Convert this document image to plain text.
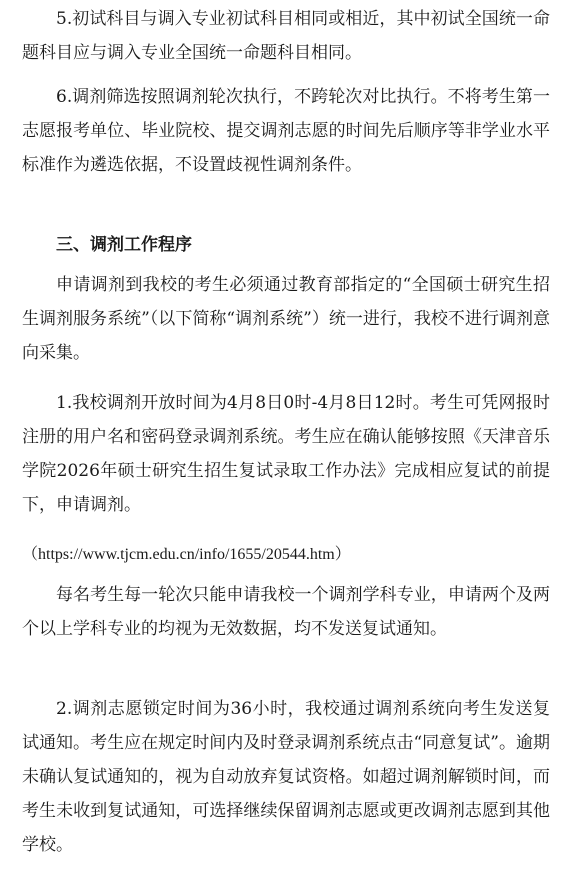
5.初试科目与调入专业初试科目相同或相近，其中初试全国统一命题科目应与调入专业全国统一命题科目相同。

6.调剂筛选按照调剂轮次执行，不跨轮次对比执行。不将考生第一志愿报考单位、毕业院校、提交调剂志愿的时间先后顺序等非学业水平标准作为遴选依据，不设置歧视性调剂条件。

三、调剂工作程序

申请调剂到我校的考生必须通过教育部指定的“全国硕士研究生招生调剂服务系统”（以下简称“调剂系统”）统一进行，我校不进行调剂意向采集。

1.我校调剂开放时间为4月8日0时-4月8日12时。考生可凭网报时注册的用户名和密码登录调剂系统。考生应在确认能够按照《天津音乐学院2026年硕士研究生招生复试录取工作办法》完成相应复试的前提下，申请调剂。

（https://www.tjcm.edu.cn/info/1655/20544.htm）

每名考生每一轮次只能申请我校一个调剂学科专业，申请两个及两个以上学科专业的均视为无效数据，均不发送复试通知。

2.调剂志愿锁定时间为36小时，我校通过调剂系统向考生发送复试通知。考生应在规定时间内及时登录调剂系统点击“同意复试”。逾期未确认复试通知的，视为自动放弃复试资格。如超过调剂解锁时间，而考生未收到复试通知，可选择继续保留调剂志愿或更改调剂志愿到其他学校。
